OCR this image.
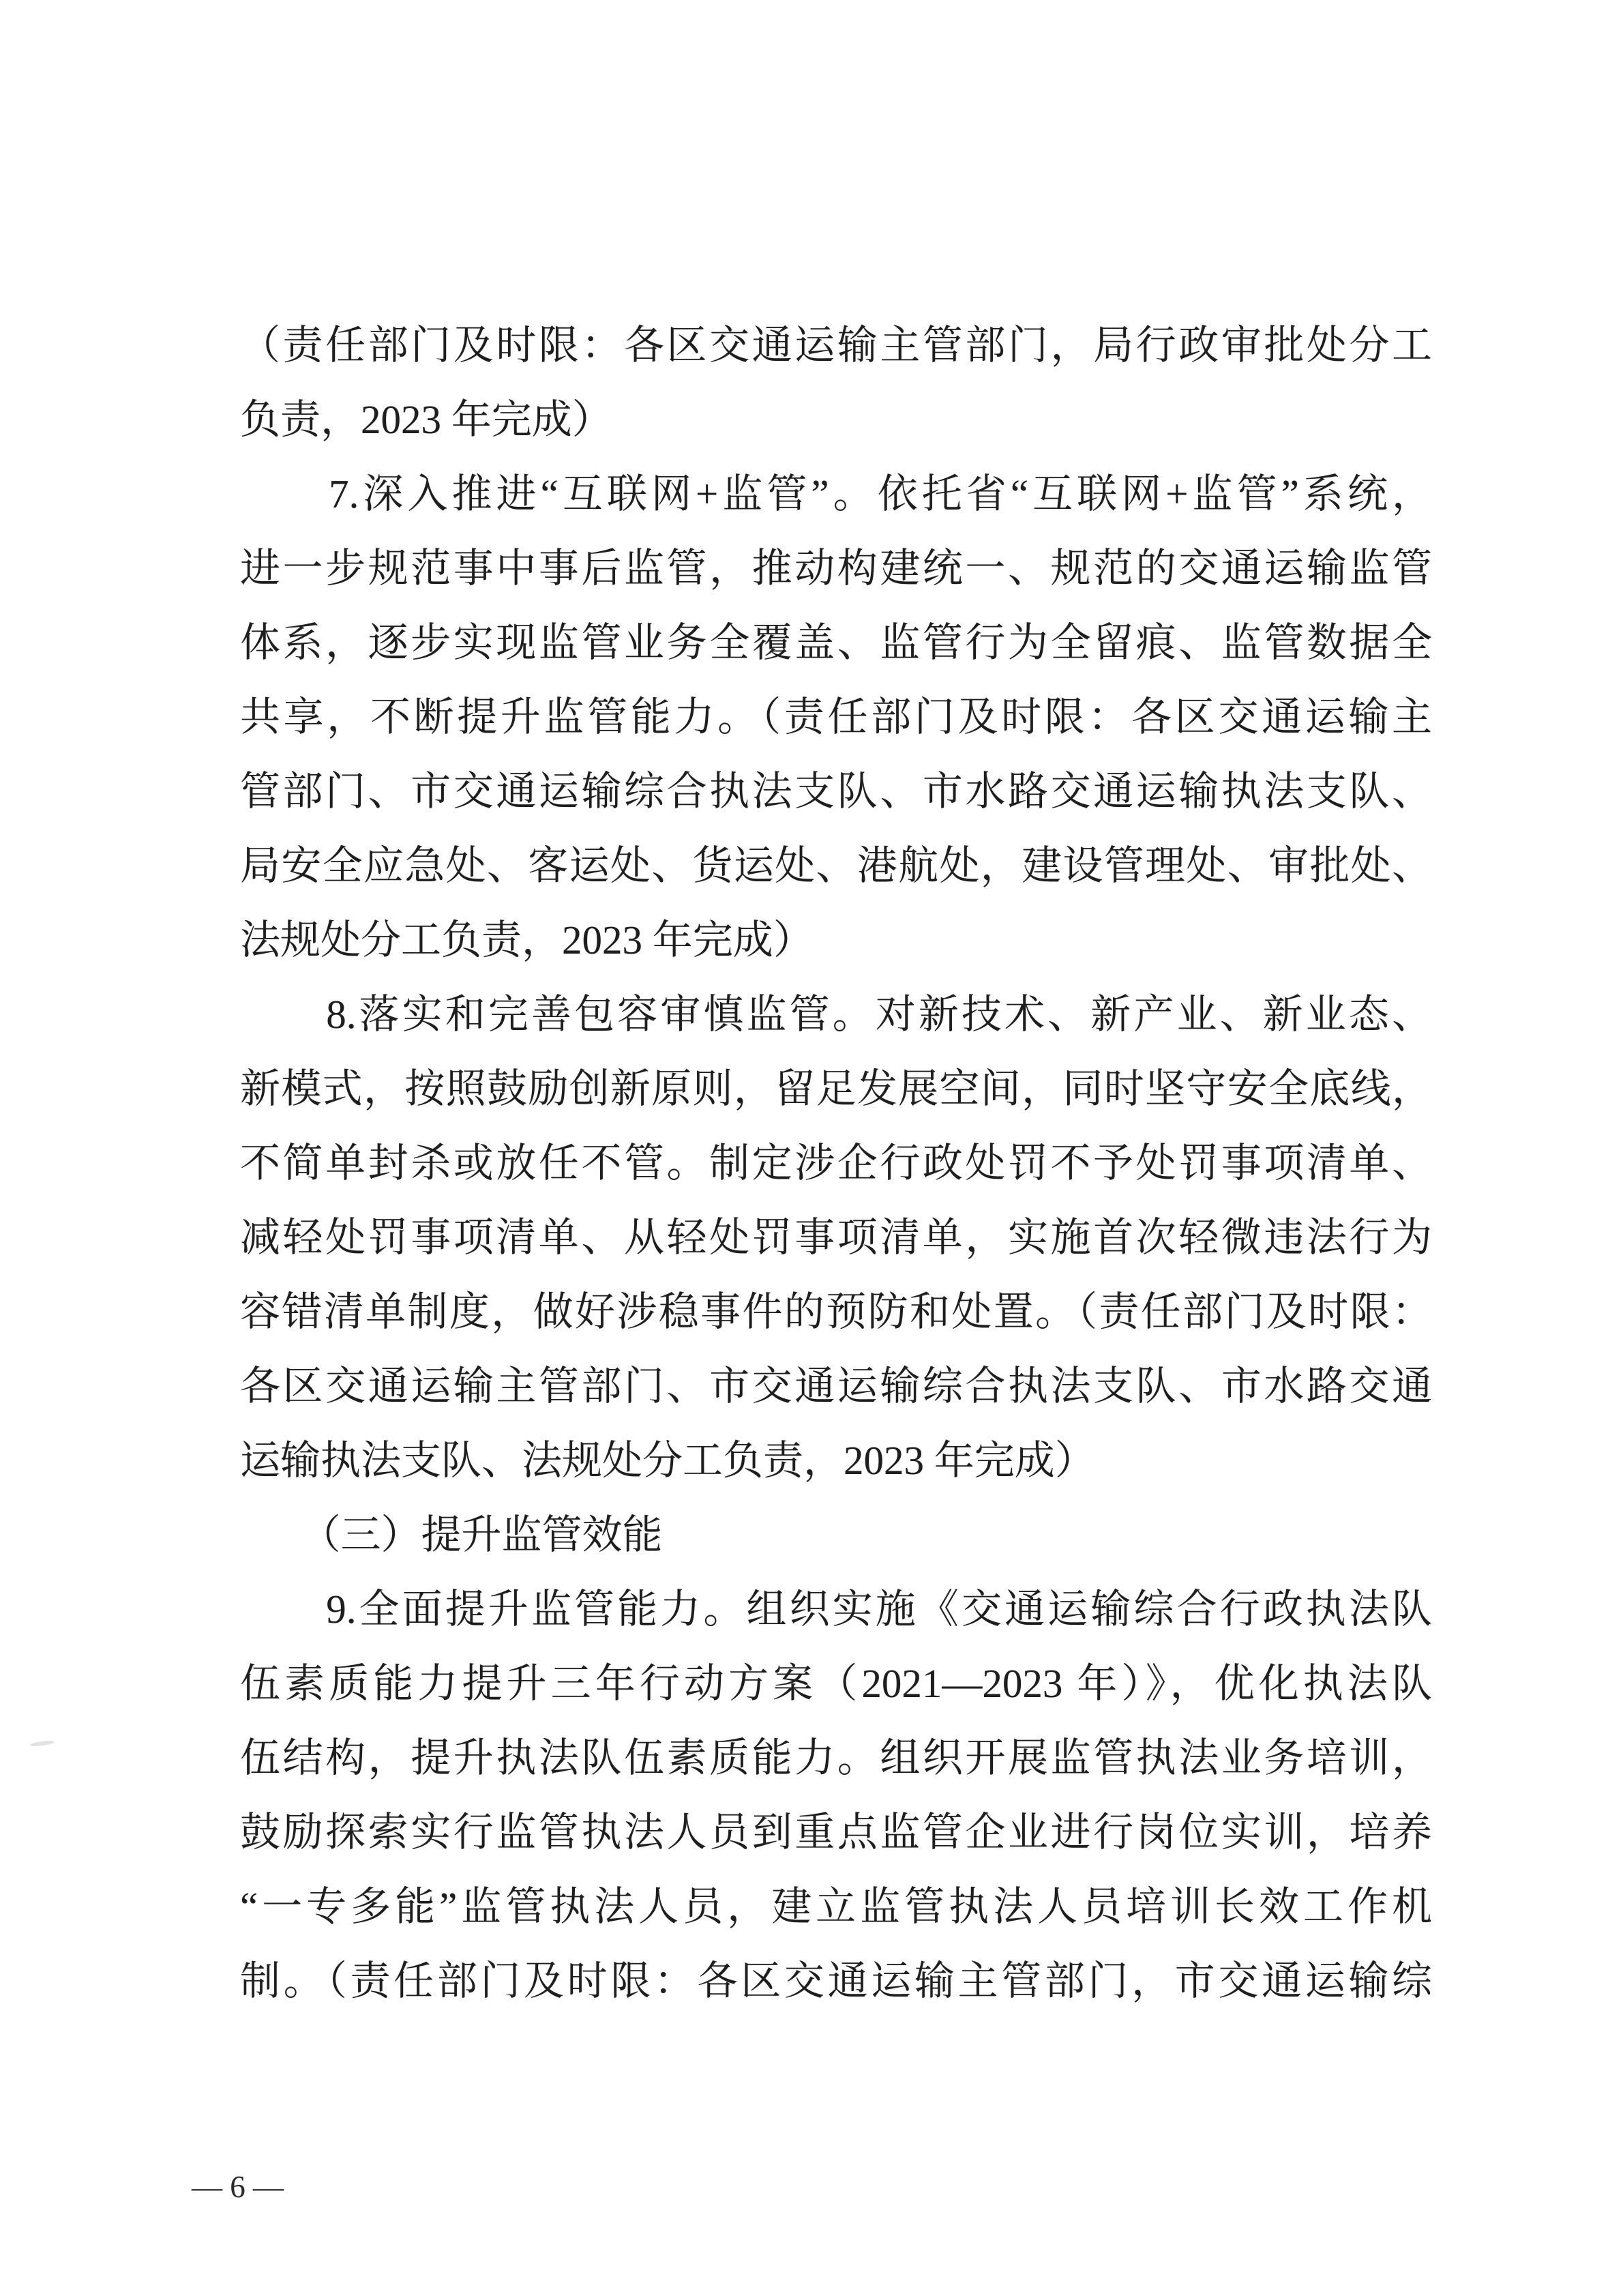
（责任部门及时限：各区交通运输主管部门，局行政审批处分工
负责，2023 年完成）
　　7.深入推进“互联网+监管”。依托省“互联网+监管”系统，
进一步规范事中事后监管，推动构建统一、规范的交通运输监管
体系，逐步实现监管业务全覆盖、监管行为全留痕、监管数据全
共享，不断提升监管能力。（责任部门及时限：各区交通运输主
管部门、市交通运输综合执法支队、市水路交通运输执法支队、
局安全应急处、客运处、货运处、港航处，建设管理处、审批处、
法规处分工负责，2023 年完成）
　　8.落实和完善包容审慎监管。对新技术、新产业、新业态、
新模式，按照鼓励创新原则，留足发展空间，同时坚守安全底线，
不简单封杀或放任不管。制定涉企行政处罚不予处罚事项清单、
减轻处罚事项清单、从轻处罚事项清单，实施首次轻微违法行为
容错清单制度，做好涉稳事件的预防和处置。（责任部门及时限：
各区交通运输主管部门、市交通运输综合执法支队、市水路交通
运输执法支队、法规处分工负责，2023 年完成）
　　（三）提升监管效能
　　9.全面提升监管能力。组织实施《交通运输综合行政执法队
伍素质能力提升三年行动方案（2021—2023 年）》，优化执法队
伍结构，提升执法队伍素质能力。组织开展监管执法业务培训，
鼓励探索实行监管执法人员到重点监管企业进行岗位实训，培养
“一专多能”监管执法人员，建立监管执法人员培训长效工作机
制。（责任部门及时限：各区交通运输主管部门，市交通运输综
— 6 —
